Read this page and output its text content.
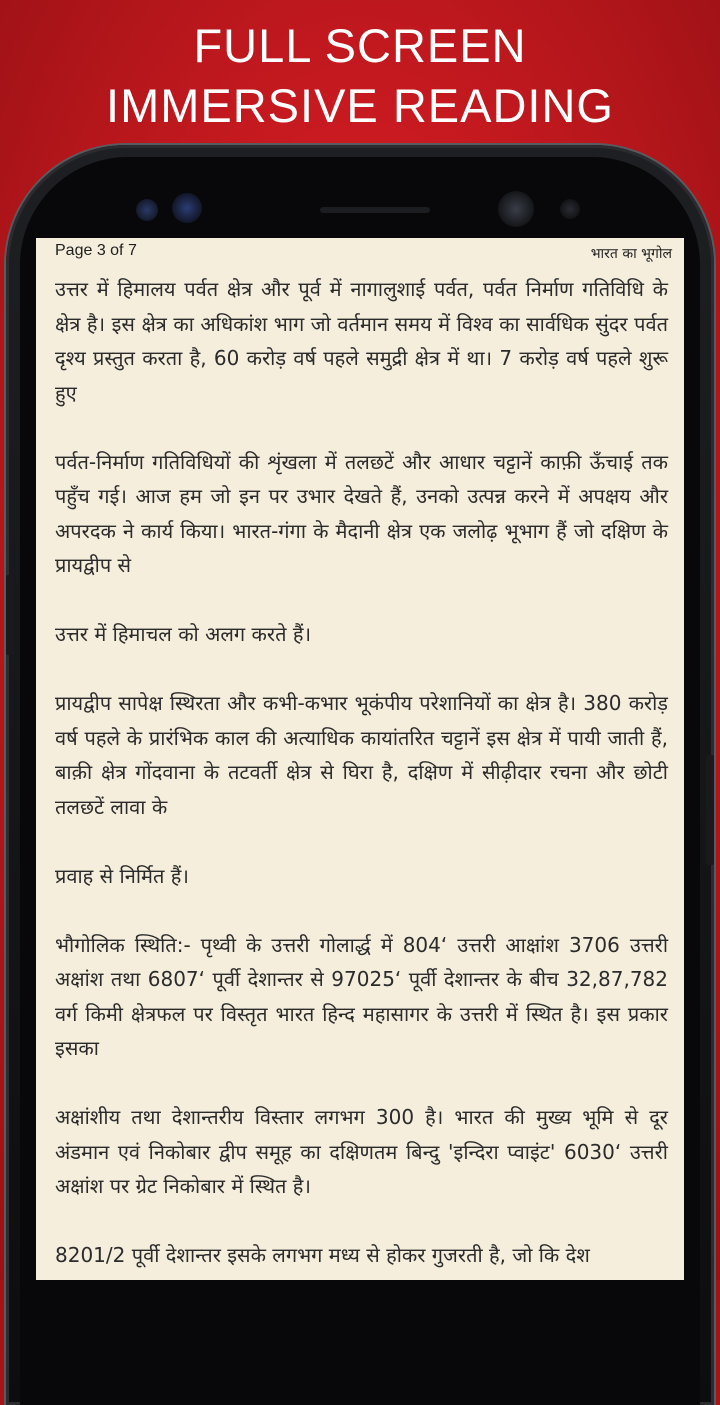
FULL SCREEN
IMMERSIVE READING
Page 3 of 7	भारत का भूगोल

उत्तर में हिमालय पर्वत क्षेत्र और पूर्व में नागालुशाई पर्वत, पर्वत निर्माण गतिविधि के क्षेत्र है। इस क्षेत्र का अधिकांश भाग जो वर्तमान समय में विश्व का सार्वधिक सुंदर पर्वत दृश्य प्रस्तुत करता है, 60 करोड़ वर्ष पहले समुद्री क्षेत्र में था। 7 करोड़ वर्ष पहले शुरू हुए

पर्वत-निर्माण गतिविधियों की शृंखला में तलछटें और आधार चट्टानें काफ़ी ऊँचाई तक पहुँच गई। आज हम जो इन पर उभार देखते हैं, उनको उत्पन्न करने में अपक्षय और अपरदक ने कार्य किया। भारत-गंगा के मैदानी क्षेत्र एक जलोढ़ भूभाग हैं जो दक्षिण के प्रायद्वीप से

उत्तर में हिमाचल को अलग करते हैं।

प्रायद्वीप सापेक्ष स्थिरता और कभी-कभार भूकंपीय परेशानियों का क्षेत्र है। 380 करोड़ वर्ष पहले के प्रारंभिक काल की अत्याधिक कायांतरित चट्टानें इस क्षेत्र में पायी जाती हैं, बाक़ी क्षेत्र गोंदवाना के तटवर्ती क्षेत्र से घिरा है, दक्षिण में सीढ़ीदार रचना और छोटी तलछटें लावा के

प्रवाह से निर्मित हैं।

भौगोलिक स्थिति:- पृथ्वी के उत्तरी गोलार्द्ध में 804‘ उत्तरी आक्षांश 3706 उत्तरी अक्षांश तथा 6807‘ पूर्वी देशान्तर से 97025‘ पूर्वी देशान्तर के बीच 32,87,782 वर्ग किमी क्षेत्रफल पर विस्तृत भारत हिन्द महासागर के उत्तरी में स्थित है। इस प्रकार इसका

अक्षांशीय तथा देशान्तरीय विस्तार लगभग 300 है। भारत की मुख्य भूमि से दूर अंडमान एवं निकोबार द्वीप समूह का दक्षिणतम बिन्दु 'इन्दिरा प्वाइंट' 6030‘ उत्तरी अक्षांश पर ग्रेट निकोबार में स्थित है।

8201/2 पूर्वी देशान्तर इसके लगभग मध्य से होकर गुजरती है, जो कि देश
